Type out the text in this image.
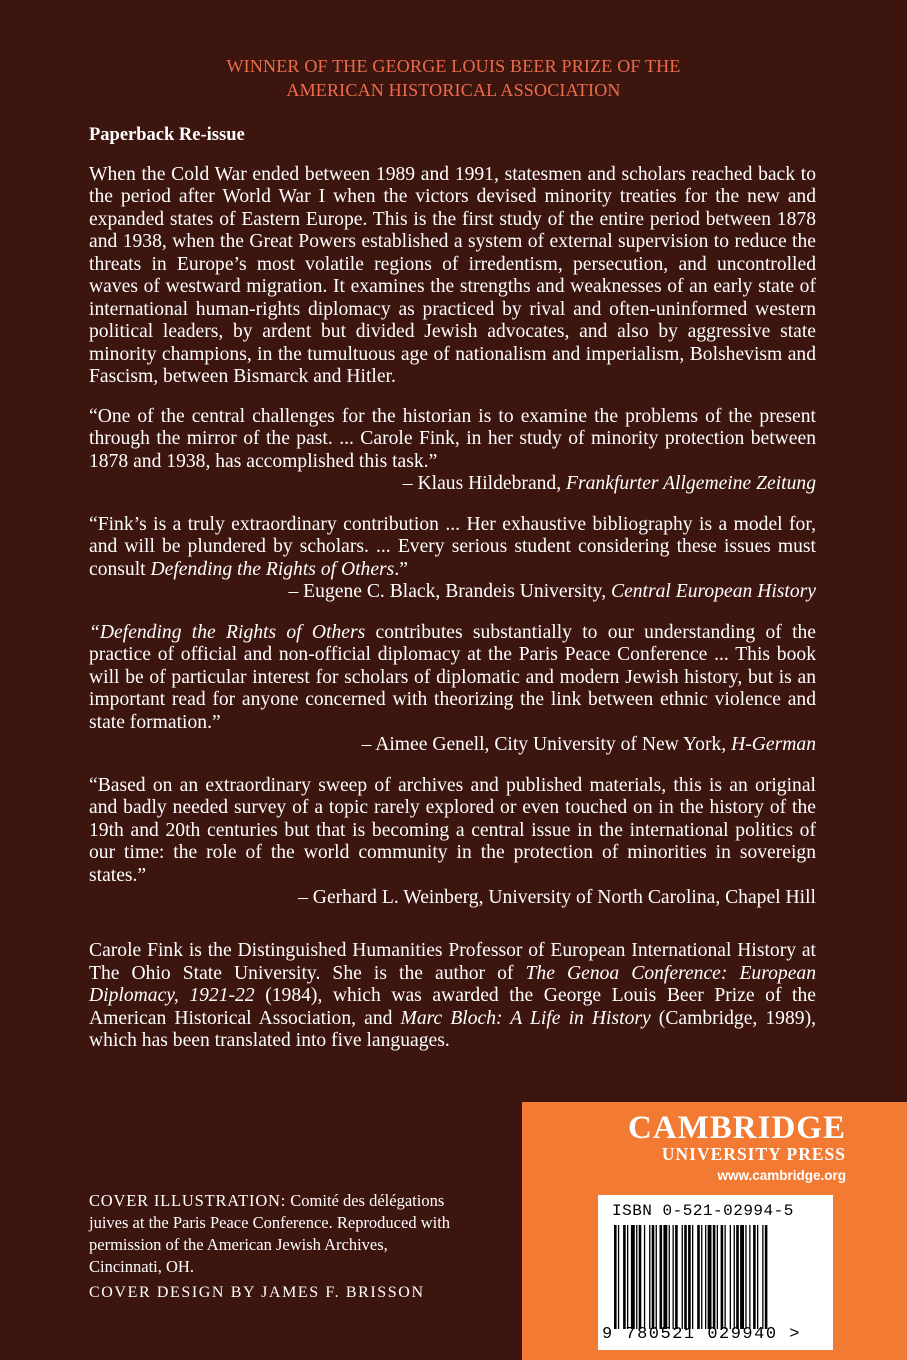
WINNER OF THE GEORGE LOUIS BEER PRIZE OF THE
AMERICAN HISTORICAL ASSOCIATION
Paperback Re-issue

When the Cold War ended between 1989 and 1991, statesmen and scholars reached back to the period after World War I when the victors devised minority treaties for the new and expanded states of Eastern Europe. This is the first study of the entire period between 1878 and 1938, when the Great Powers established a system of external supervision to reduce the threats in Europe’s most volatile regions of irredentism, persecution, and uncontrolled waves of westward migration. It examines the strengths and weaknesses of an early state of international human-rights diplomacy as practiced by rival and often-uninformed western political leaders, by ardent but divided Jewish advocates, and also by aggressive state minority champions, in the tumultuous age of nationalism and imperialism, Bolshevism and Fascism, between Bismarck and Hitler.

“One of the central challenges for the historian is to examine the problems of the present through the mirror of the past. ... Carole Fink, in her study of minority protection between 1878 and 1938, has accomplished this task.”

– Klaus Hildebrand, Frankfurter Allgemeine Zeitung

“Fink’s is a truly extraordinary contribution ... Her exhaustive bibliography is a model for, and will be plundered by scholars. ... Every serious student considering these issues must consult Defending the Rights of Others.”

– Eugene C. Black, Brandeis University, Central European History

“Defending the Rights of Others contributes substantially to our understanding of the practice of official and non-official diplomacy at the Paris Peace Conference ... This book will be of particular interest for scholars of diplomatic and modern Jewish history, but is an important read for anyone concerned with theorizing the link between ethnic violence and state formation.”

– Aimee Genell, City University of New York, H-German

“Based on an extraordinary sweep of archives and published materials, this is an original and badly needed survey of a topic rarely explored or even touched on in the history of the 19th and 20th centuries but that is becoming a central issue in the international politics of our time: the role of the world community in the protection of minorities in sovereign states.”

– Gerhard L. Weinberg, University of North Carolina, Chapel Hill

Carole Fink is the Distinguished Humanities Professor of European International History at The Ohio State University. She is the author of The Genoa Conference: European Diplomacy, 1921-22 (1984), which was awarded the George Louis Beer Prize of the American Historical Association, and Marc Bloch: A Life in History (Cambridge, 1989), which has been translated into five languages.

COVER ILLUSTRATION: Comité des délégations juives at the Paris Peace Conference. Reproduced with permission of the American Jewish Archives, Cincinnati, OH.
COVER DESIGN BY JAMES F. BRISSON
CAMBRIDGE
UNIVERSITY PRESS
www.cambridge.org
ISBN 0-521-02994-5
9 780521 029940 >
